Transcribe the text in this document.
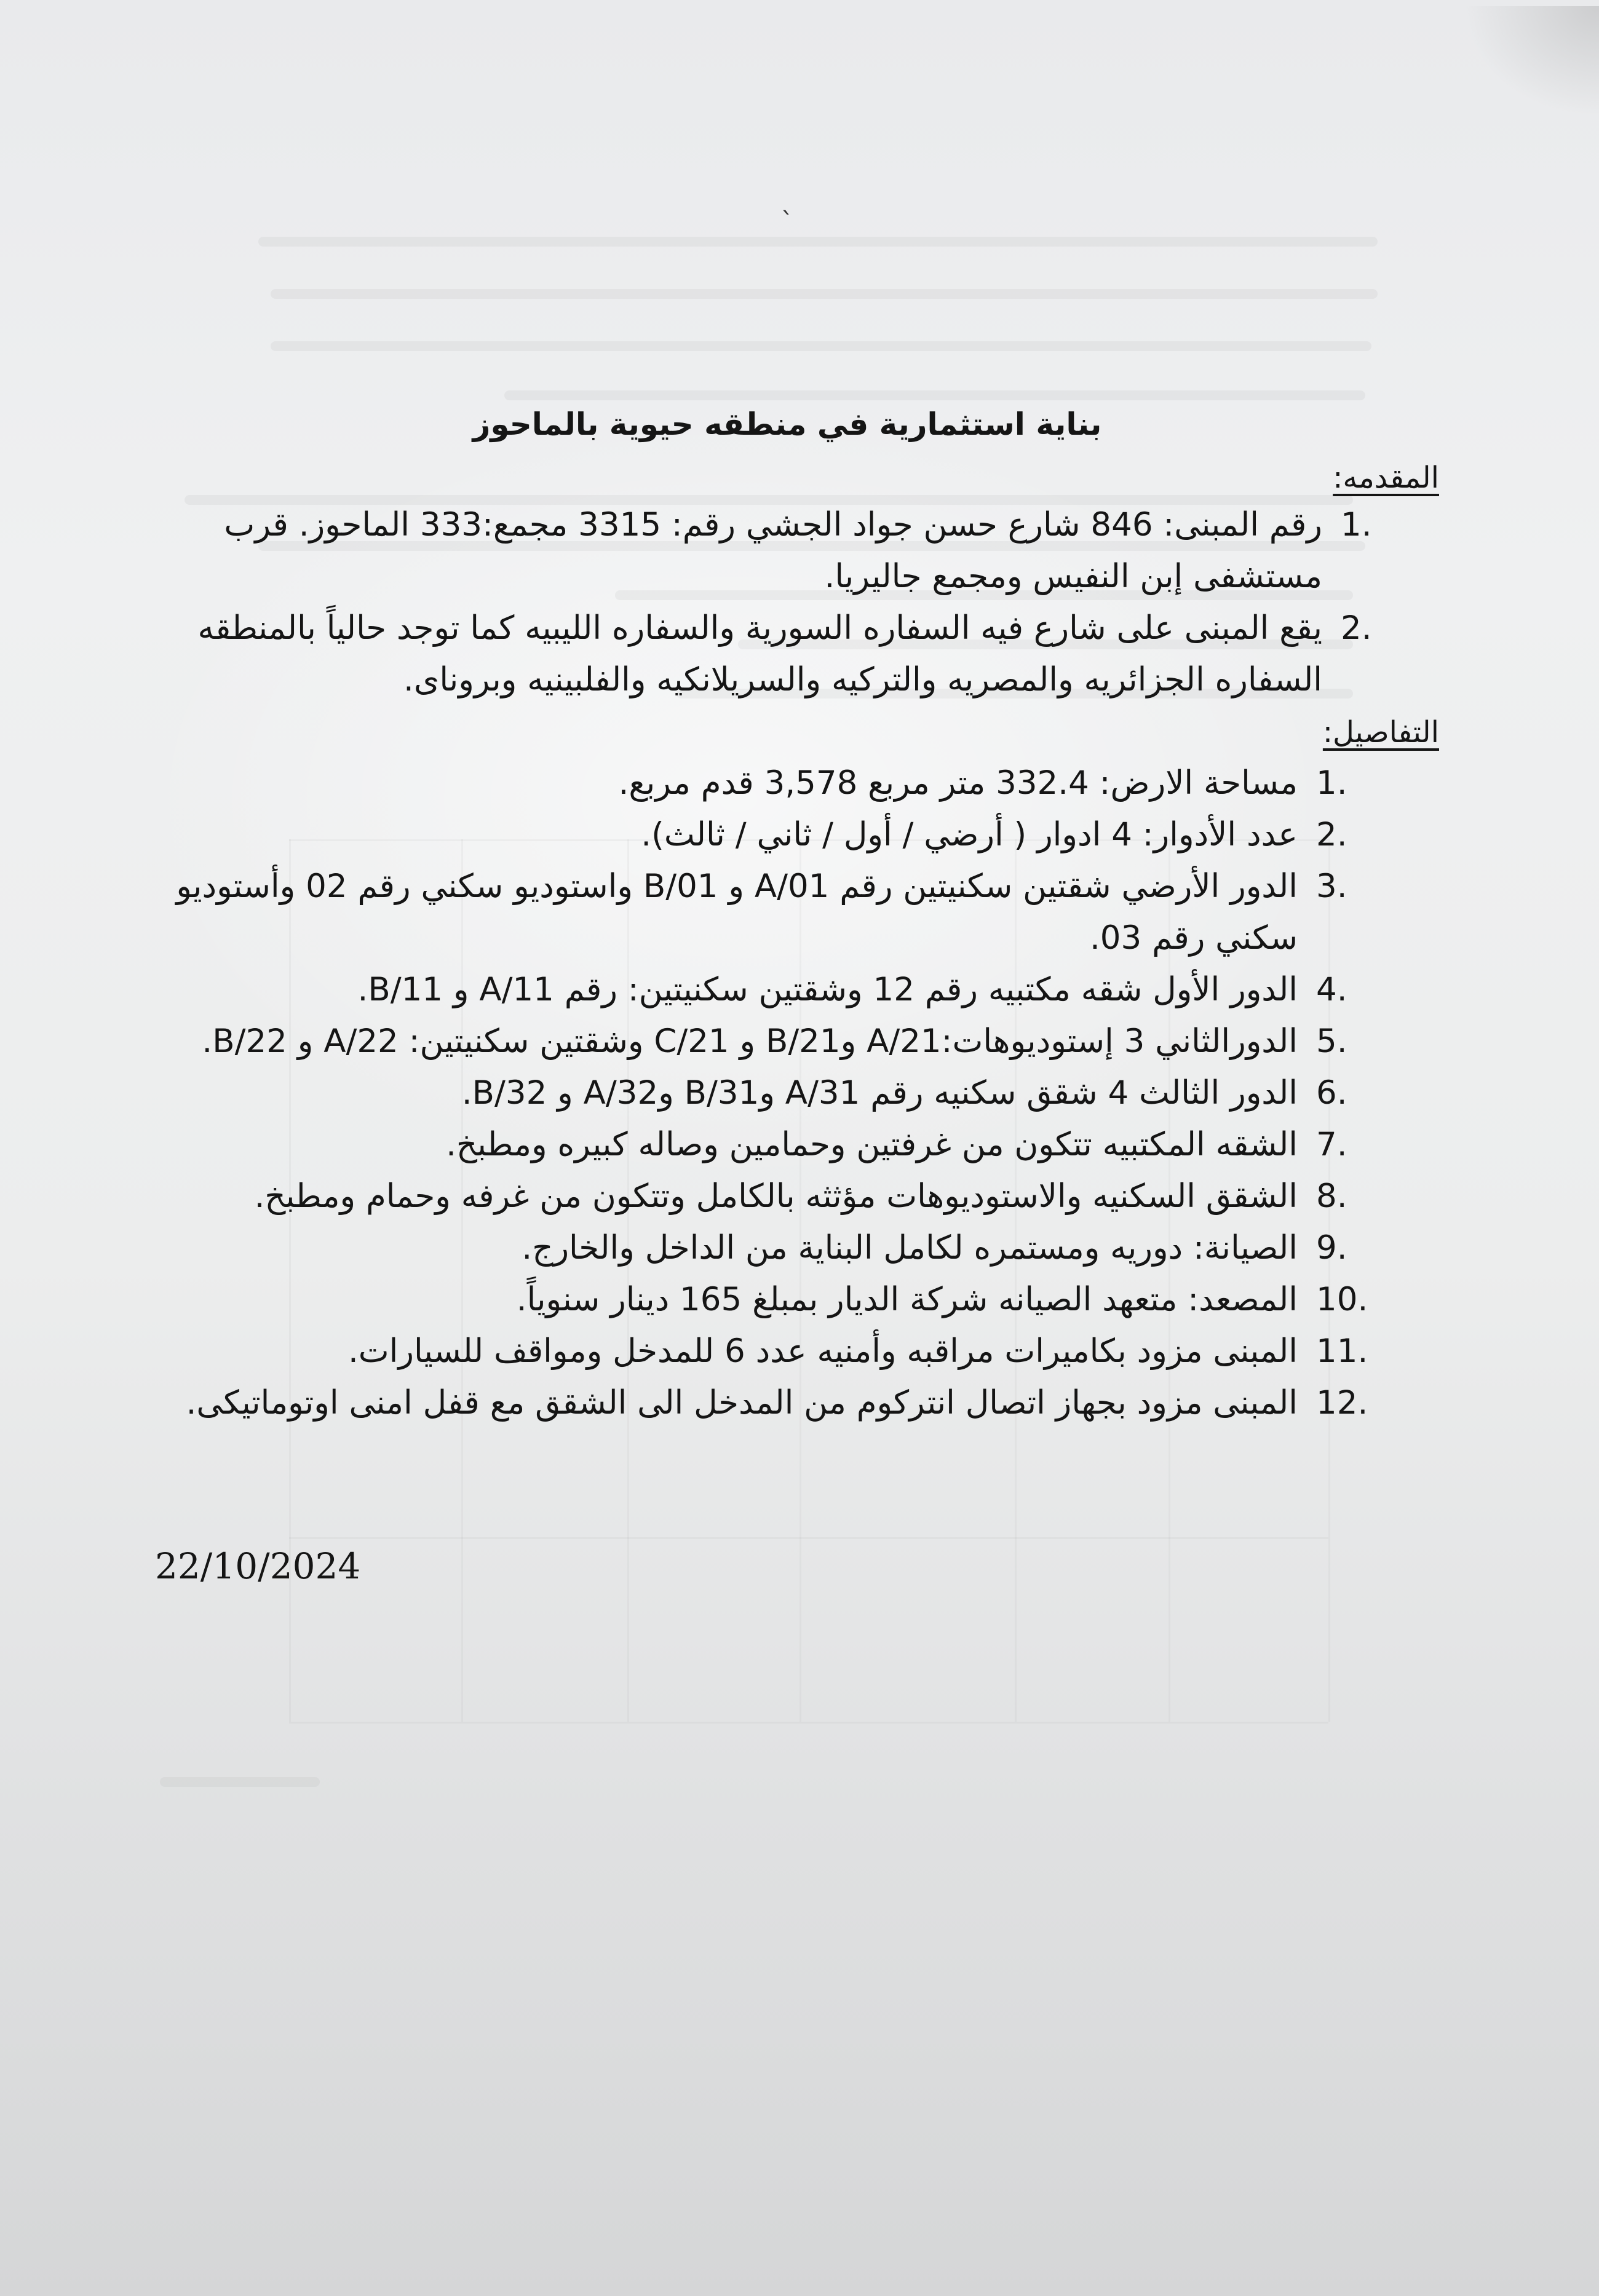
ˋ
بناية استثمارية في منطقه حيوية بالماحوز
المقدمه:
1.
رقم المبنى: 846 شارع حسن جواد الجشي رقم: 3315 مجمع:333 الماحوز. قرب مستشفى إبن النفيس ومجمع جاليريا.
2.
يقع المبنى على شارع فيه السفاره السورية والسفاره الليبيه كما توجد حالياً بالمنطقه السفاره الجزائريه والمصريه والتركيه والسريلانكيه والفلبينيه وبروناى.
التفاصيل:
1.
مساحة الارض: 332.4 متر مربع 3,578 قدم مربع.
2.
عدد الأدوار: 4 ادوار ( أرضي / أول / ثاني / ثالث).
3.
الدور الأرضي شقتين سكنيتين رقم 01/A و 01/B واستوديو سكني رقم 02 وأستوديو سكني رقم 03.
4.
الدور الأول شقه مكتبيه رقم 12 وشقتين سكنيتين: رقم 11/A و 11/B.
5.
الدورالثاني 3 إستوديوهات:21/A و21/B و 21/C وشقتين سكنيتين: A/22 و B/22.
6.
الدور الثالث 4 شقق سكنيه رقم 31/A و31/B و32/A و 32/B.
7.
الشقه المكتبيه تتكون من غرفتين وحمامين وصاله كبيره ومطبخ.
8.
الشقق السكنيه والاستوديوهات مؤثثه بالكامل وتتكون من غرفه وحمام ومطبخ.
9.
الصيانة: دوريه ومستمره لكامل البناية من الداخل والخارج.
10.
المصعد: متعهد الصيانه شركة الديار بمبلغ 165 دينار سنوياً.
11.
المبنى مزود بكاميرات مراقبه وأمنيه عدد 6 للمدخل ومواقف للسيارات.
12.
المبنى مزود بجهاز اتصال انتركوم من المدخل الى الشقق مع قفل امنى اوتوماتيكى.
22/10/2024
